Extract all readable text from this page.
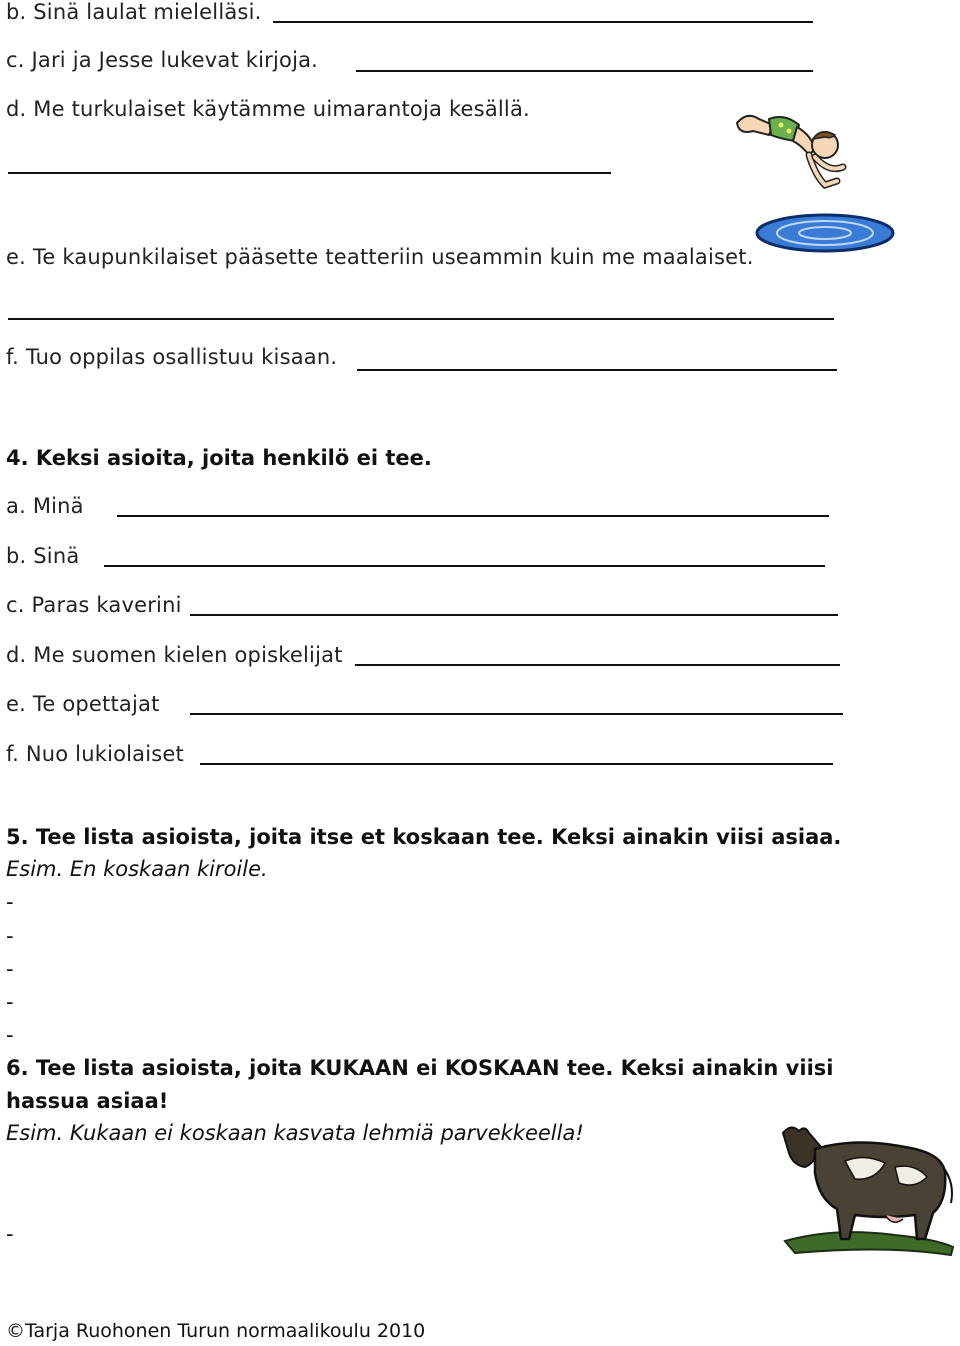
b. Sinä laulat mielelläsi.
c. Jari ja Jesse lukevat kirjoja.
d. Me turkulaiset käytämme uimarantoja kesällä.
e. Te kaupunkilaiset pääsette teatteriin useammin kuin me maalaiset.
f. Tuo oppilas osallistuu kisaan.
4. Keksi asioita, joita henkilö ei tee.
a. Minä
b. Sinä
c. Paras kaverini
d. Me suomen kielen opiskelijat
e. Te opettajat
f. Nuo lukiolaiset
5. Tee lista asioista, joita itse et koskaan tee. Keksi ainakin viisi asiaa.
Esim. En koskaan kiroile.
-
-
-
-
-
6. Tee lista asioista, joita KUKAAN ei KOSKAAN tee. Keksi ainakin viisi
hassua asiaa!
Esim. Kukaan ei koskaan kasvata lehmiä parvekkeella!
-
©Tarja Ruohonen Turun normaalikoulu 2010
